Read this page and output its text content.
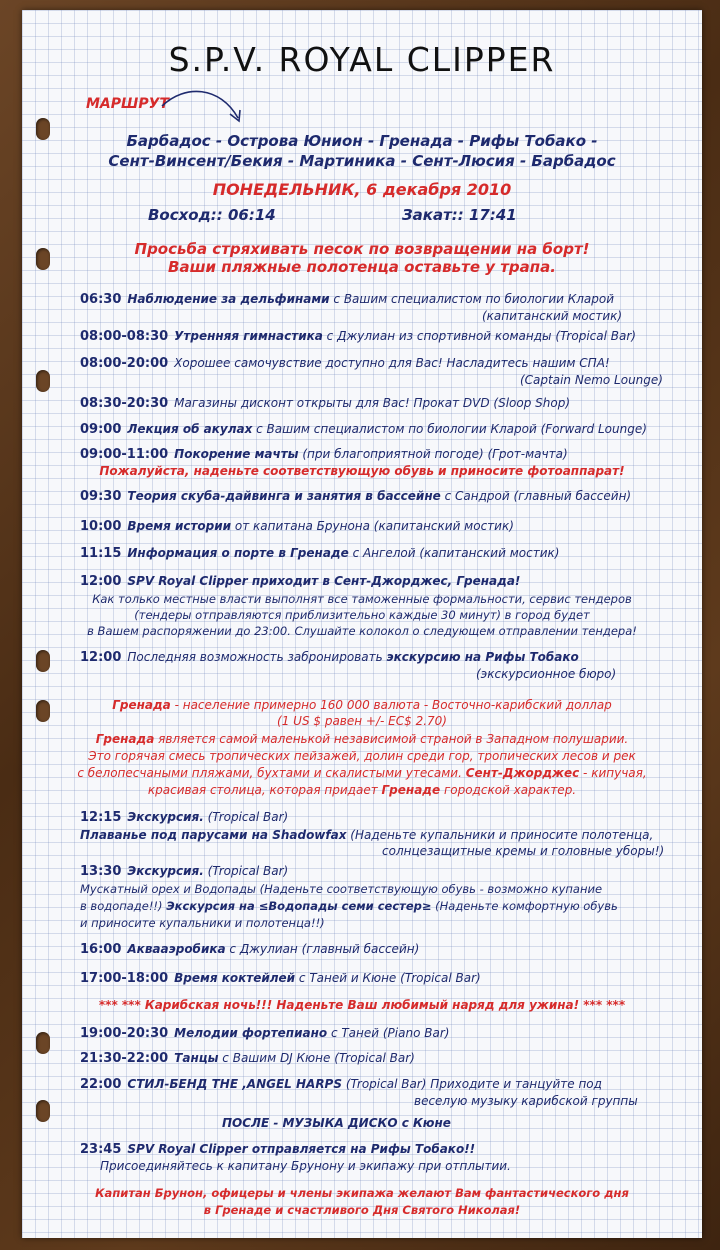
S.P.V. ROYAL CLIPPER
МАРШРУТ
Барбадос - Острова Юнион - Гренада - Рифы Тобако -
Сент-Винсент/Бекия - Мартиника - Сент-Люсия - Барбадос
ПОНЕДЕЛЬНИК, 6 декабря 2010
Восход:: 06:14	Закат:: 17:41
Просьба стряхивать песок по возвращении на борт!
Ваши пляжные полотенца оставьте у трапа.
06:30 Наблюдение за дельфинами с Вашим специалистом по биологии Кларой
(капитанский мостик)
08:00-08:30 Утренняя гимнастика с Джулиан из спортивной команды (Tropical Bar)
08:00-20:00 Хорошее самочувствие доступно для Вас! Насладитесь нашим СПА!
(Captain Nemo Lounge)
08:30-20:30 Магазины дисконт открыты для Вас! Прокат DVD (Sloop Shop)
09:00 Лекция об акулах с Вашим специалистом по биологии Кларой (Forward Lounge)
09:00-11:00 Покорение мачты (при благоприятной погоде) (Грот-мачта)
Пожалуйста, наденьте соответствующую обувь и приносите фотоаппарат!
09:30 Теория скуба-дайвинга и занятия в бассейне с Сандрой (главный бассейн)
10:00 Время истории от капитана Брунона (капитанский мостик)
11:15 Информация о порте в Гренаде с Ангелой (капитанский мостик)
12:00 SPV Royal Clipper приходит в Сент-Джорджес, Гренада!
Как только местные власти выполнят все таможенные формальности, сервис тендеров
(тендеры отправляются приблизительно каждые 30 минут) в город будет
в Вашем распоряжении до 23:00. Слушайте колокол о следующем отправлении тендера!
12:00 Последняя возможность забронировать экскурсию на Рифы Тобако
(экскурсионное бюро)
Гренада - население примерно 160 000 валюта - Восточно-карибский доллар
(1 US $ равен +/- EC$ 2.70)
Гренада является самой маленькой независимой страной в Западном полушарии.
Это горячая смесь тропических пейзажей, долин среди гор, тропических лесов и рек
с белопесчаными пляжами, бухтами и скалистыми утесами. Сент-Джорджес - кипучая,
красивая столица, которая придает Гренаде городской характер.
12:15 Экскурсия. (Tropical Bar)
Плаванье под парусами на Shadowfax (Наденьте купальники и приносите полотенца,
солнцезащитные кремы и головные уборы!)
13:30 Экскурсия. (Tropical Bar)
Мускатный орех и Водопады (Наденьте соответствующую обувь - возможно купание
в водопаде!!) Экскурсия на ≤Водопады семи сестер≥ (Наденьте комфортную обувь
и приносите купальники и полотенца!!)
16:00 Аквааэробика с Джулиан (главный бассейн)
17:00-18:00 Время коктейлей с Таней и Кюне (Tropical Bar)
*** *** Карибская ночь!!! Наденьте Ваш любимый наряд для ужина! *** ***
19:00-20:30 Мелодии фортепиано с Таней (Piano Bar)
21:30-22:00 Танцы с Вашим DJ Кюне (Tropical Bar)
22:00 СТИЛ-БЕНД THE ,ANGEL HARPS (Tropical Bar) Приходите и танцуйте под
веселую музыку карибской группы
ПОСЛЕ - МУЗЫКА ДИСКО с Кюне
23:45 SPV Royal Clipper отправляется на Рифы Тобако!!
Присоединяйтесь к капитану Брунону и экипажу при отплытии.
Капитан Брунон, офицеры и члены экипажа желают Вам фантастического дня
в Гренаде и счастливого Дня Святого Николая!
